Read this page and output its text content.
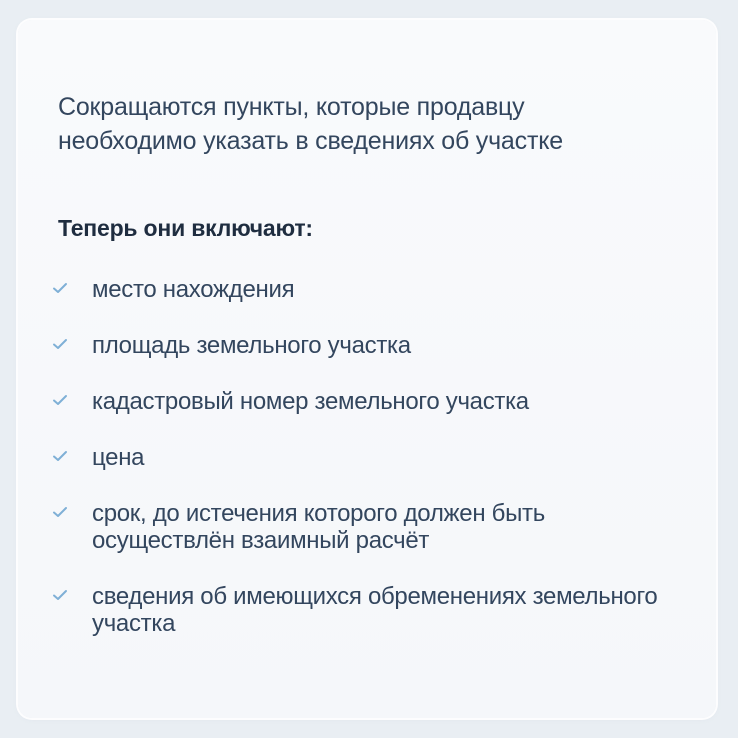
Сокращаются пункты, которые продавцу необходимо указать в сведениях об участке

Теперь они включают:
место нахождения
площадь земельного участка
кадастровый номер земельного участка
цена
срок, до истечения которого должен быть осуществлён взаимный расчёт
сведения об имеющихся обременениях земельного участка
